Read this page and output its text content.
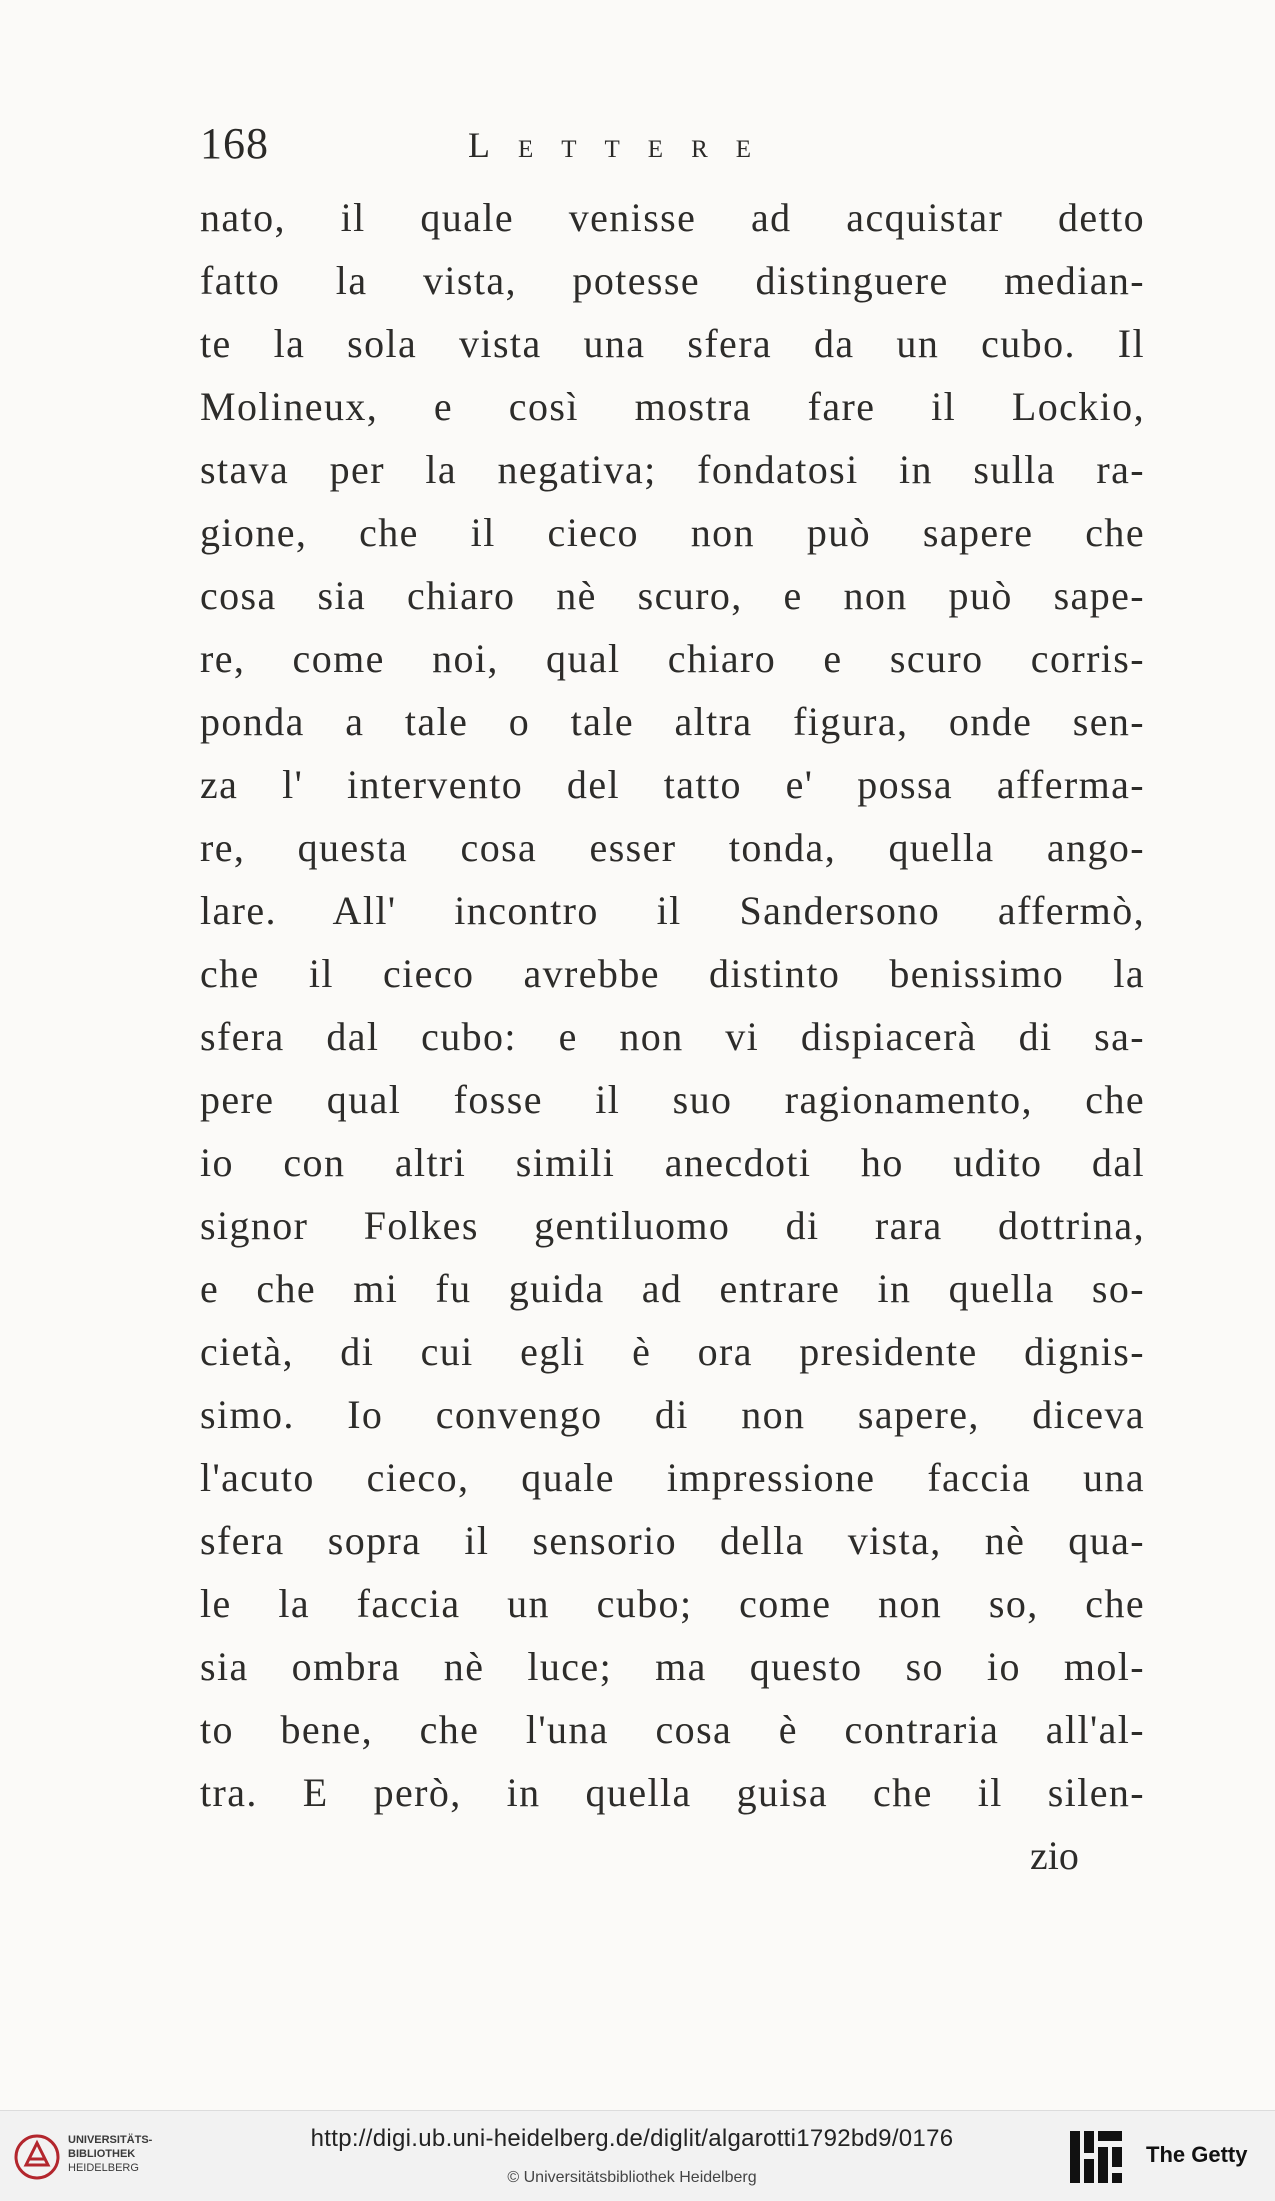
168	Lettere
nato, il quale venisse ad acquistar detto
fatto la vista, potesse distinguere median-
te la sola vista una sfera da un cubo. Il
Molineux, e così mostra fare il Lockio,
stava per la negativa; fondatosi in sulla ra-
gione, che il cieco non può sapere che
cosa sia chiaro nè scuro, e non può sape-
re, come noi, qual chiaro e scuro corris-
ponda a tale o tale altra figura, onde sen-
za l' intervento del tatto e' possa afferma-
re, questa cosa esser tonda, quella ango-
lare. All' incontro il Sandersono affermò,
che il cieco avrebbe distinto benissimo la
sfera dal cubo: e non vi dispiacerà di sa-
pere qual fosse il suo ragionamento, che
io con altri simili anecdoti ho udito dal
signor Folkes gentiluomo di rara dottrina,
e che mi fu guida ad entrare in quella so-
cietà, di cui egli è ora presidente dignis-
simo. Io convengo di non sapere, diceva
l'acuto cieco, quale impressione faccia una
sfera sopra il sensorio della vista, nè qua-
le la faccia un cubo; come non so, che
sia ombra nè luce; ma questo so io mol-
to bene, che l'una cosa è contraria all'al-
tra. E però, in quella guisa che il silen-
zio
UNIVERSITÄTS-
BIBLIOTHEK
HEIDELBERG
http://digi.ub.uni-heidelberg.de/diglit/algarotti1792bd9/0176
© Universitätsbibliothek Heidelberg
The Getty
